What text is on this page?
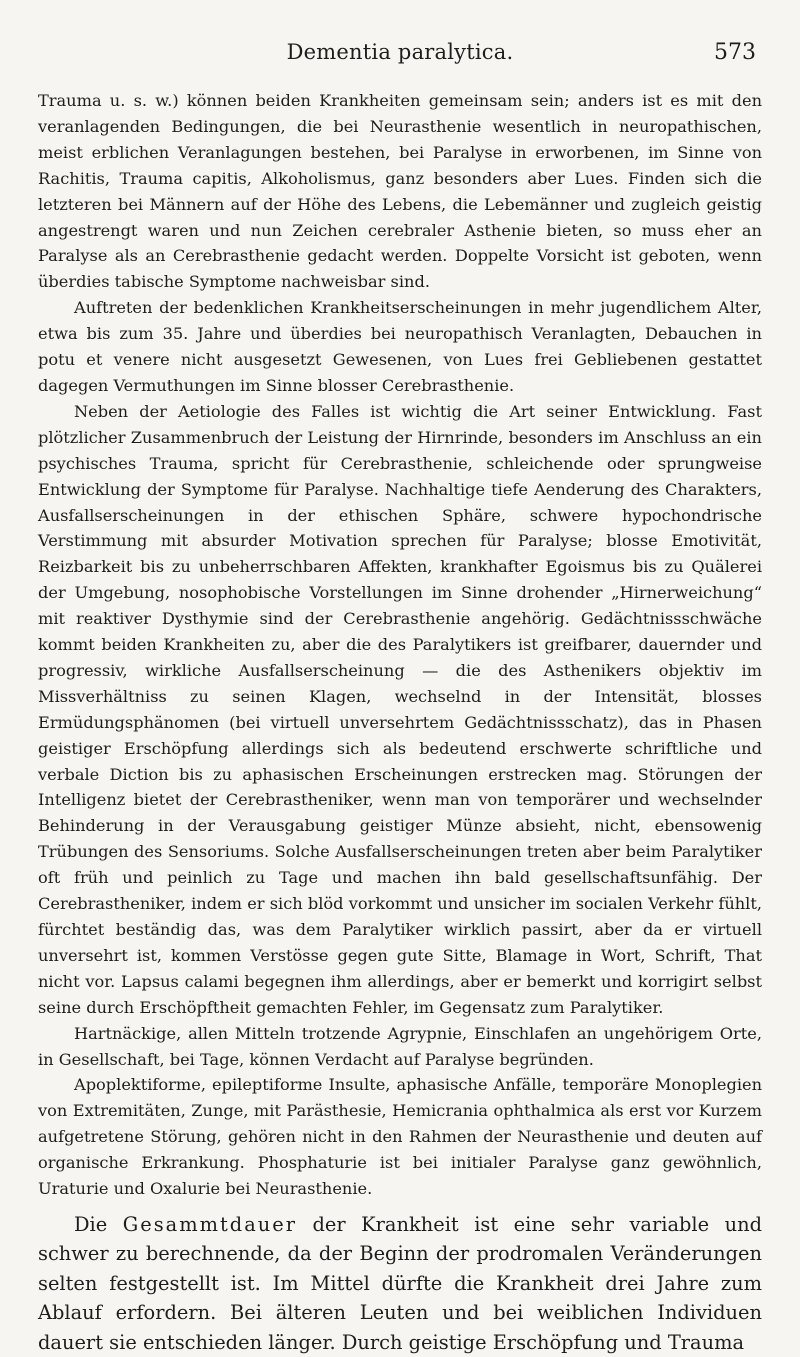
Dementia paralytica.	573

Trauma u. s. w.) können beiden Krankheiten gemeinsam sein; anders ist es mit den veranlagenden Bedingungen, die bei Neurasthenie wesentlich in neuropathischen, meist erblichen Veranlagungen bestehen, bei Paralyse in erworbenen, im Sinne von Rachitis, Trauma capitis, Alkoholismus, ganz besonders aber Lues. Finden sich die letzteren bei Männern auf der Höhe des Lebens, die Lebemänner und zugleich geistig angestrengt waren und nun Zeichen cerebraler Asthenie bieten, so muss eher an Paralyse als an Cerebrasthenie gedacht werden. Doppelte Vorsicht ist geboten, wenn überdies tabische Symptome nachweisbar sind.

Auftreten der bedenklichen Krankheitserscheinungen in mehr jugendlichem Alter, etwa bis zum 35. Jahre und überdies bei neuropathisch Veranlagten, Debauchen in potu et venere nicht ausgesetzt Gewesenen, von Lues frei Gebliebenen gestattet dagegen Vermuthungen im Sinne blosser Cerebrasthenie.

Neben der Aetiologie des Falles ist wichtig die Art seiner Entwicklung. Fast plötzlicher Zusammenbruch der Leistung der Hirnrinde, besonders im Anschluss an ein psychisches Trauma, spricht für Cerebrasthenie, schleichende oder sprungweise Entwicklung der Symptome für Paralyse. Nachhaltige tiefe Aenderung des Charakters, Ausfallserscheinungen in der ethischen Sphäre, schwere hypochondrische Verstimmung mit absurder Motivation sprechen für Paralyse; blosse Emotivität, Reizbarkeit bis zu unbeherrschbaren Affekten, krankhafter Egoismus bis zu Quälerei der Umgebung, nosophobische Vorstellungen im Sinne drohender „Hirnerweichung“ mit reaktiver Dysthymie sind der Cerebrasthenie angehörig. Gedächtnissschwäche kommt beiden Krankheiten zu, aber die des Paralytikers ist greifbarer, dauernder und progressiv, wirkliche Ausfallserscheinung — die des Asthenikers objektiv im Missverhältniss zu seinen Klagen, wechselnd in der Intensität, blosses Ermüdungsphänomen (bei virtuell unversehrtem Gedächtnissschatz), das in Phasen geistiger Erschöpfung allerdings sich als bedeutend erschwerte schriftliche und verbale Diction bis zu aphasischen Erscheinungen erstrecken mag. Störungen der Intelligenz bietet der Cerebrastheniker, wenn man von temporärer und wechselnder Behinderung in der Verausgabung geistiger Münze absieht, nicht, ebensowenig Trübungen des Sensoriums. Solche Ausfallserscheinungen treten aber beim Paralytiker oft früh und peinlich zu Tage und machen ihn bald gesellschaftsunfähig. Der Cerebrastheniker, indem er sich blöd vorkommt und unsicher im socialen Verkehr fühlt, fürchtet beständig das, was dem Paralytiker wirklich passirt, aber da er virtuell unversehrt ist, kommen Verstösse gegen gute Sitte, Blamage in Wort, Schrift, That nicht vor. Lapsus calami begegnen ihm allerdings, aber er bemerkt und korrigirt selbst seine durch Erschöpftheit gemachten Fehler, im Gegensatz zum Paralytiker.

Hartnäckige, allen Mitteln trotzende Agrypnie, Einschlafen an ungehörigem Orte, in Gesellschaft, bei Tage, können Verdacht auf Paralyse begründen.

Apoplektiforme, epileptiforme Insulte, aphasische Anfälle, temporäre Monoplegien von Extremitäten, Zunge, mit Parästhesie, Hemicrania ophthalmica als erst vor Kurzem aufgetretene Störung, gehören nicht in den Rahmen der Neurasthenie und deuten auf organische Erkrankung. Phosphaturie ist bei initialer Paralyse ganz gewöhnlich, Uraturie und Oxalurie bei Neurasthenie.

Die Gesammtdauer der Krankheit ist eine sehr variable und schwer zu berechnende, da der Beginn der prodromalen Veränderungen selten festgestellt ist. Im Mittel dürfte die Krankheit drei Jahre zum Ablauf erfordern. Bei älteren Leuten und bei weiblichen Individuen dauert sie entschieden länger. Durch geistige Erschöpfung und Trauma
